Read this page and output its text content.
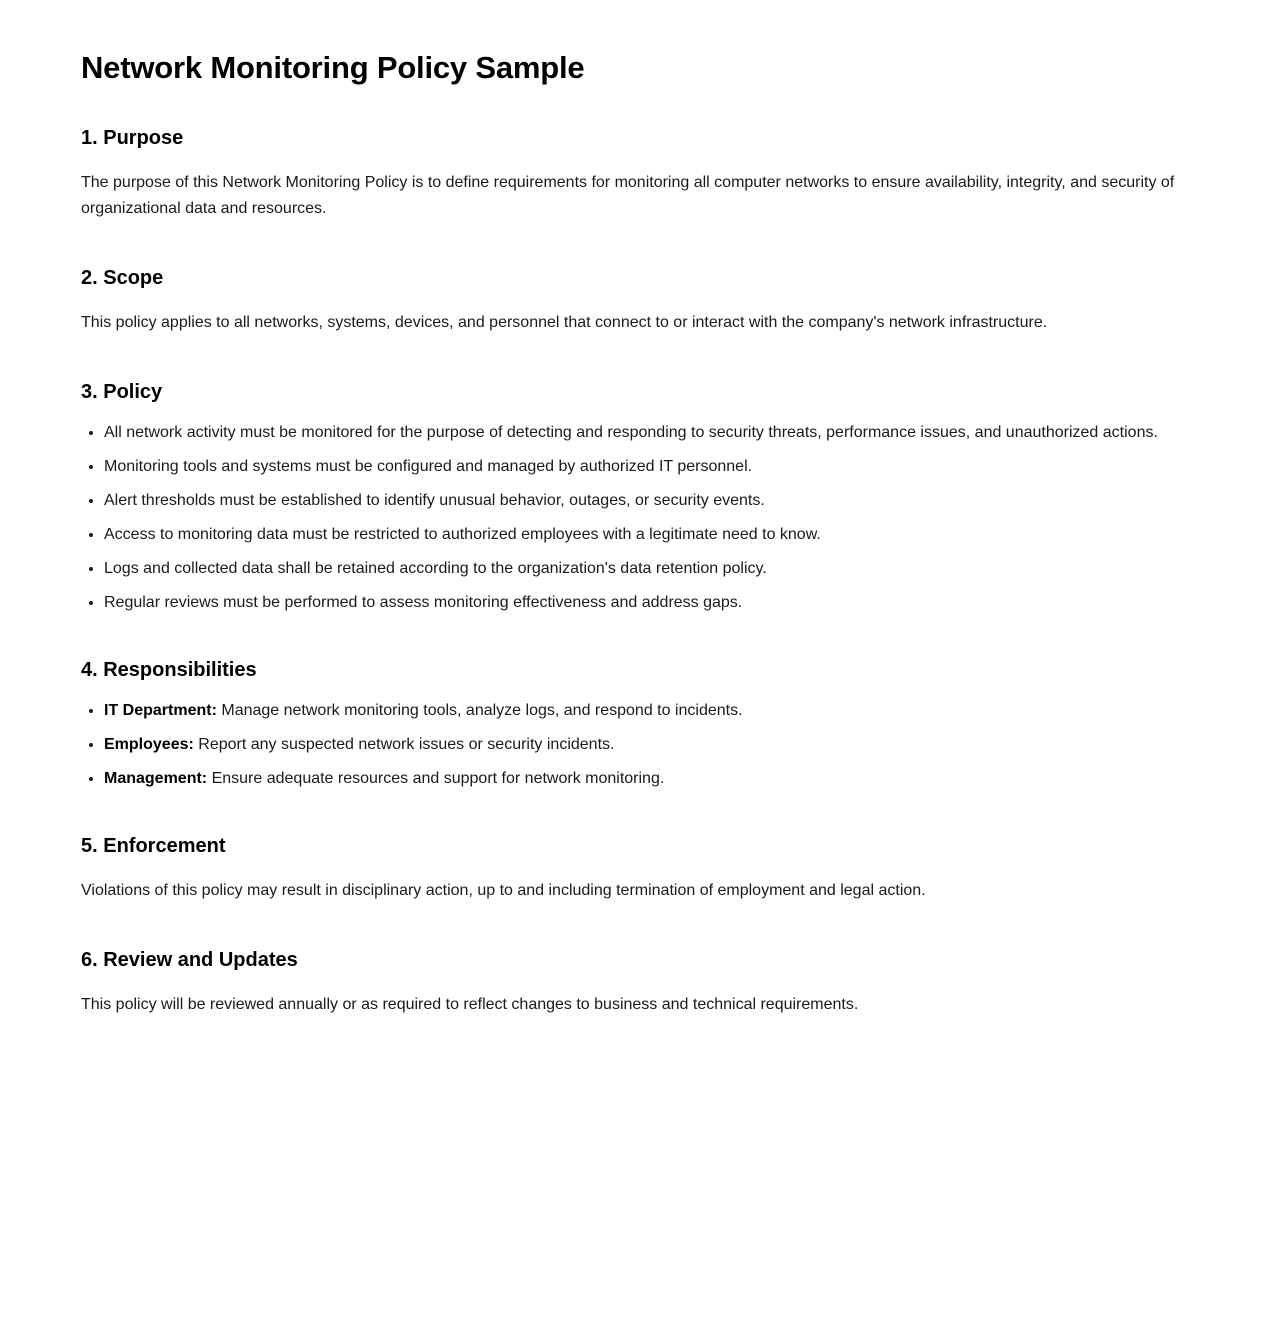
Network Monitoring Policy Sample
1. Purpose

The purpose of this Network Monitoring Policy is to define requirements for monitoring all computer networks to ensure availability, integrity, and security of organizational data and resources.

2. Scope

This policy applies to all networks, systems, devices, and personnel that connect to or interact with the company's network infrastructure.

3. Policy
All network activity must be monitored for the purpose of detecting and responding to security threats, performance issues, and unauthorized actions.
Monitoring tools and systems must be configured and managed by authorized IT personnel.
Alert thresholds must be established to identify unusual behavior, outages, or security events.
Access to monitoring data must be restricted to authorized employees with a legitimate need to know.
Logs and collected data shall be retained according to the organization's data retention policy.
Regular reviews must be performed to assess monitoring effectiveness and address gaps.
4. Responsibilities
IT Department: Manage network monitoring tools, analyze logs, and respond to incidents.
Employees: Report any suspected network issues or security incidents.
Management: Ensure adequate resources and support for network monitoring.
5. Enforcement

Violations of this policy may result in disciplinary action, up to and including termination of employment and legal action.

6. Review and Updates

This policy will be reviewed annually or as required to reflect changes to business and technical requirements.
